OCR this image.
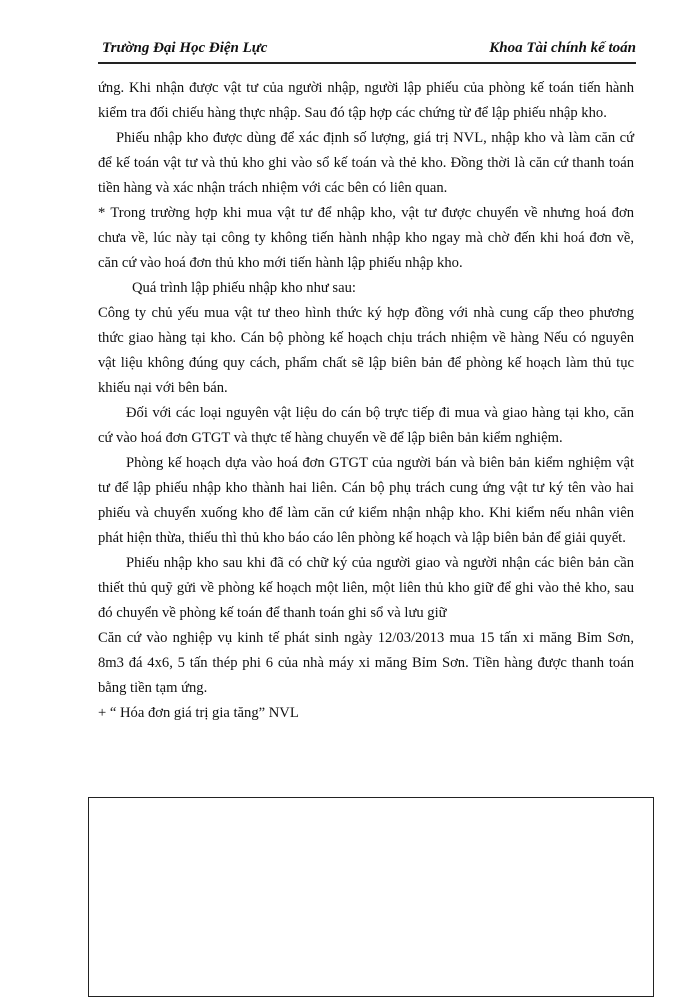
Trường Đại Học Điện Lực	Khoa Tài chính kế toán

ứng. Khi nhận được vật tư của người nhập, người lập phiếu của phòng kế toán tiến hành kiểm tra đối chiếu hàng thực nhập. Sau đó tập hợp các chứng từ để lập phiếu nhập kho.

Phiếu nhập kho được dùng để xác định số lượng, giá trị NVL, nhập kho và làm căn cứ để kế toán vật tư và thủ kho ghi vào sổ kế toán và thẻ kho. Đồng thời là căn cứ thanh toán tiền hàng và xác nhận trách nhiệm với các bên có liên quan.

* Trong trường hợp khi mua vật tư để nhập kho, vật tư được chuyển về nhưng hoá đơn chưa về, lúc này tại công ty không tiến hành nhập kho ngay mà chờ đến khi hoá đơn về, căn cứ vào hoá đơn thủ kho mới tiến hành lập phiếu nhập kho.

Quá trình lập phiếu nhập kho như sau:

Công ty chủ yếu mua vật tư theo hình thức ký hợp đồng với nhà cung cấp theo phương thức giao hàng tại kho. Cán bộ phòng kế hoạch chịu trách nhiệm về hàng Nếu có nguyên vật liệu không đúng quy cách, phẩm chất sẽ lập biên bản để phòng kế hoạch làm thủ tục khiếu nại với bên bán.

Đối với các loại nguyên vật liệu do cán bộ trực tiếp đi mua và giao hàng tại kho, căn cứ vào hoá đơn GTGT và thực tế hàng chuyển về để lập biên bản kiểm nghiệm.

Phòng kế hoạch dựa vào hoá đơn GTGT của người bán và biên bản kiểm nghiệm vật tư để lập phiếu nhập kho thành hai liên. Cán bộ phụ trách cung ứng vật tư ký tên vào hai phiếu và chuyển xuống kho để làm căn cứ kiểm nhận nhập kho. Khi kiểm nếu nhân viên phát hiện thừa, thiếu thì thủ kho báo cáo lên phòng kế hoạch và lập biên bản để giải quyết.

Phiếu nhập kho sau khi đã có chữ ký của người giao và người nhận các biên bản cần thiết thủ quỹ gửi về phòng kế hoạch một liên, một liên thủ kho giữ để ghi vào thẻ kho, sau đó chuyển về phòng kế toán để thanh toán ghi sổ và lưu giữ

Căn cứ vào nghiệp vụ kinh tế phát sinh ngày 12/03/2013 mua 15 tấn xi măng Bỉm Sơn, 8m3 đá 4x6, 5 tấn thép phi 6 của nhà máy xi măng Bỉm Sơn. Tiền hàng được thanh toán bằng tiền tạm ứng.

+ “ Hóa đơn giá trị gia tăng” NVL
